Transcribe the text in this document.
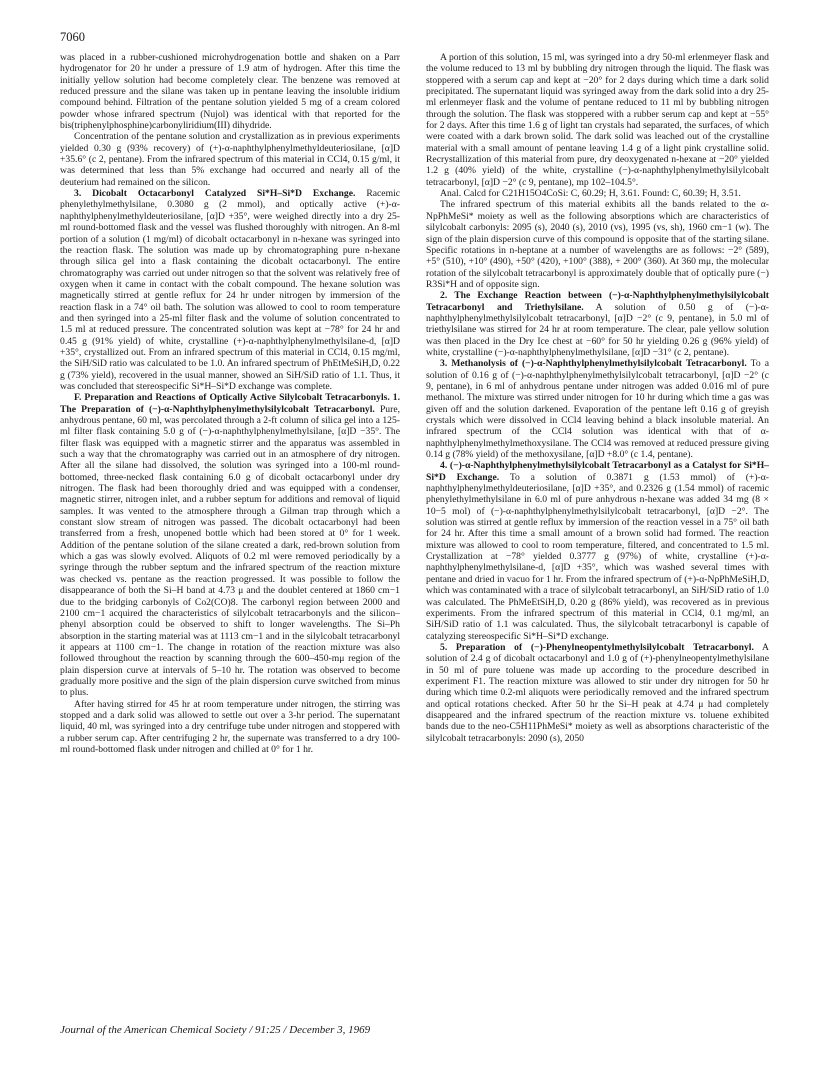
7060

was placed in a rubber-cushioned microhydrogenation bottle and shaken on a Parr hydrogenator for 20 hr under a pressure of 1.9 atm of hydrogen. After this time the initially yellow solution had become completely clear. The benzene was removed at reduced pressure and the silane was taken up in pentane leaving the insoluble iridium compound behind. Filtration of the pentane solution yielded 5 mg of a cream colored powder whose infrared spectrum (Nujol) was identical with that reported for the bis(triphenylphosphine)carbonyliridium(III) dihydride.

Concentration of the pentane solution and crystallization as in previous experiments yielded 0.30 g (93% recovery) of (+)-α-naphthylphenylmethyldeuteriosilane, [α]D +35.6° (c 2, pentane). From the infrared spectrum of this material in CCl4, 0.15 g/ml, it was determined that less than 5% exchange had occurred and nearly all of the deuterium had remained on the silicon.

3. Dicobalt Octacarbonyl Catalyzed Si*H–Si*D Exchange. Racemic phenylethylmethylsilane, 0.3080 g (2 mmol), and optically active (+)-α-naphthylphenylmethyldeuteriosilane, [α]D +35°, were weighed directly into a dry 25-ml round-bottomed flask and the vessel was flushed thoroughly with nitrogen. An 8-ml portion of a solution (1 mg/ml) of dicobalt octacarbonyl in n-hexane was syringed into the reaction flask. The solution was made up by chromatographing pure n-hexane through silica gel into a flask containing the dicobalt octacarbonyl. The entire chromatography was carried out under nitrogen so that the solvent was relatively free of oxygen when it came in contact with the cobalt compound. The hexane solution was magnetically stirred at gentle reflux for 24 hr under nitrogen by immersion of the reaction flask in a 74° oil bath. The solution was allowed to cool to room temperature and then syringed into a 25-ml filter flask and the volume of solution concentrated to 1.5 ml at reduced pressure. The concentrated solution was kept at −78° for 24 hr and 0.45 g (91% yield) of white, crystalline (+)-α-naphthylphenylmethylsilane-d, [α]D +35°, crystallized out. From an infrared spectrum of this material in CCl4, 0.15 mg/ml, the SiH/SiD ratio was calculated to be 1.0. An infrared spectrum of PhEtMeSiH,D, 0.22 g (73% yield), recovered in the usual manner, showed an SiH/SiD ratio of 1.1. Thus, it was concluded that stereospecific Si*H–Si*D exchange was complete.

F. Preparation and Reactions of Optically Active Silylcobalt Tetracarbonyls. 1. The Preparation of (−)-α-Naphthylphenylmethylsilylcobalt Tetracarbonyl. Pure, anhydrous pentane, 60 ml, was percolated through a 2-ft column of silica gel into a 125-ml filter flask containing 5.0 g of (−)-α-naphthylphenylmethylsilane, [α]D −35°. The filter flask was equipped with a magnetic stirrer and the apparatus was assembled in such a way that the chromatography was carried out in an atmosphere of dry nitrogen. After all the silane had dissolved, the solution was syringed into a 100-ml round-bottomed, three-necked flask containing 6.0 g of dicobalt octacarbonyl under dry nitrogen. The flask had been thoroughly dried and was equipped with a condenser, magnetic stirrer, nitrogen inlet, and a rubber septum for additions and removal of liquid samples. It was vented to the atmosphere through a Gilman trap through which a constant slow stream of nitrogen was passed. The dicobalt octacarbonyl had been transferred from a fresh, unopened bottle which had been stored at 0° for 1 week. Addition of the pentane solution of the silane created a dark, red-brown solution from which a gas was slowly evolved. Aliquots of 0.2 ml were removed periodically by a syringe through the rubber septum and the infrared spectrum of the reaction mixture was checked vs. pentane as the reaction progressed. It was possible to follow the disappearance of both the Si–H band at 4.73 μ and the doublet centered at 1860 cm−1 due to the bridging carbonyls of Co2(CO)8. The carbonyl region between 2000 and 2100 cm−1 acquired the characteristics of silylcobalt tetracarbonyls and the silicon–phenyl absorption could be observed to shift to longer wavelengths. The Si–Ph absorption in the starting material was at 1113 cm−1 and in the silylcobalt tetracarbonyl it appears at 1100 cm−1. The change in rotation of the reaction mixture was also followed throughout the reaction by scanning through the 600–450-mμ region of the plain dispersion curve at intervals of 5–10 hr. The rotation was observed to become gradually more positive and the sign of the plain dispersion curve switched from minus to plus.

After having stirred for 45 hr at room temperature under nitrogen, the stirring was stopped and a dark solid was allowed to settle out over a 3-hr period. The supernatant liquid, 40 ml, was syringed into a dry centrifuge tube under nitrogen and stoppered with a rubber serum cap. After centrifuging 2 hr, the supernate was transferred to a dry 100-ml round-bottomed flask under nitrogen and chilled at 0° for 1 hr.

A portion of this solution, 15 ml, was syringed into a dry 50-ml erlenmeyer flask and the volume reduced to 13 ml by bubbling dry nitrogen through the liquid. The flask was stoppered with a serum cap and kept at −20° for 2 days during which time a dark solid precipitated. The supernatant liquid was syringed away from the dark solid into a dry 25-ml erlenmeyer flask and the volume of pentane reduced to 11 ml by bubbling nitrogen through the solution. The flask was stoppered with a rubber serum cap and kept at −55° for 2 days. After this time 1.6 g of light tan crystals had separated, the surfaces, of which were coated with a dark brown solid. The dark solid was leached out of the crystalline material with a small amount of pentane leaving 1.4 g of a light pink crystalline solid. Recrystallization of this material from pure, dry deoxygenated n-hexane at −20° yielded 1.2 g (40% yield) of the white, crystalline (−)-α-naphthylphenylmethylsilylcobalt tetracarbonyl, [α]D −2° (c 9, pentane), mp 102–104.5°.

Anal. Calcd for C21H15O4CoSi: C, 60.29; H, 3.61. Found: C, 60.39; H, 3.51.

The infrared spectrum of this material exhibits all the bands related to the α-NpPhMeSi* moiety as well as the following absorptions which are characteristics of silylcobalt carbonyls: 2095 (s), 2040 (s), 2010 (vs), 1995 (vs, sh), 1960 cm−1 (w). The sign of the plain dispersion curve of this compound is opposite that of the starting silane. Specific rotations in n-heptane at a number of wavelengths are as follows: −2° (589), +5° (510), +10° (490), +50° (420), +100° (388), + 200° (360). At 360 mμ, the molecular rotation of the silylcobalt tetracarbonyl is approximately double that of optically pure (−) R3Si*H and of opposite sign.

2. The Exchange Reaction between (−)-α-Naphthylphenylmethylsilylcobalt Tetracarbonyl and Triethylsilane. A solution of 0.50 g of (−)-α-naphthylphenylmethylsilylcobalt tetracarbonyl, [α]D −2° (c 9, pentane), in 5.0 ml of triethylsilane was stirred for 24 hr at room temperature. The clear, pale yellow solution was then placed in the Dry Ice chest at −60° for 50 hr yielding 0.26 g (96% yield) of white, crystalline (−)-α-naphthylphenylmethylsilane, [α]D −31° (c 2, pentane).

3. Methanolysis of (−)-α-Naphthylphenylmethylsilylcobalt Tetracarbonyl. To a solution of 0.16 g of (−)-α-naphthylphenylmethylsilylcobalt tetracarbonyl, [α]D −2° (c 9, pentane), in 6 ml of anhydrous pentane under nitrogen was added 0.016 ml of pure methanol. The mixture was stirred under nitrogen for 10 hr during which time a gas was given off and the solution darkened. Evaporation of the pentane left 0.16 g of greyish crystals which were dissolved in CCl4 leaving behind a black insoluble material. An infrared spectrum of the CCl4 solution was identical with that of α-naphthylphenylmethylmethoxysilane. The CCl4 was removed at reduced pressure giving 0.14 g (78% yield) of the methoxysilane, [α]D +8.0° (c 1.4, pentane).

4. (−)-α-Naphthylphenylmethylsilylcobalt Tetracarbonyl as a Catalyst for Si*H–Si*D Exchange. To a solution of 0.3871 g (1.53 mmol) of (+)-α-naphthylphenylmethyldeuteriosilane, [α]D +35°, and 0.2326 g (1.54 mmol) of racemic phenylethylmethylsilane in 6.0 ml of pure anhydrous n-hexane was added 34 mg (8 × 10−5 mol) of (−)-α-naphthylphenylmethylsilylcobalt tetracarbonyl, [α]D −2°. The solution was stirred at gentle reflux by immersion of the reaction vessel in a 75° oil bath for 24 hr. After this time a small amount of a brown solid had formed. The reaction mixture was allowed to cool to room temperature, filtered, and concentrated to 1.5 ml. Crystallization at −78° yielded 0.3777 g (97%) of white, crystalline (+)-α-naphthylphenylmethylsilane-d, [α]D +35°, which was washed several times with pentane and dried in vacuo for 1 hr. From the infrared spectrum of (+)-α-NpPhMeSiH,D, which was contaminated with a trace of silylcobalt tetracarbonyl, an SiH/SiD ratio of 1.0 was calculated. The PhMeEtSiH,D, 0.20 g (86% yield), was recovered as in previous experiments. From the infrared spectrum of this material in CCl4, 0.1 mg/ml, an SiH/SiD ratio of 1.1 was calculated. Thus, the silylcobalt tetracarbonyl is capable of catalyzing stereospecific Si*H–Si*D exchange.

5. Preparation of (−)-Phenylneopentylmethylsilylcobalt Tetracarbonyl. A solution of 2.4 g of dicobalt octacarbonyl and 1.0 g of (+)-phenylneopentylmethylsilane in 50 ml of pure toluene was made up according to the procedure described in experiment F1. The reaction mixture was allowed to stir under dry nitrogen for 50 hr during which time 0.2-ml aliquots were periodically removed and the infrared spectrum and optical rotations checked. After 50 hr the Si–H peak at 4.74 μ had completely disappeared and the infrared spectrum of the reaction mixture vs. toluene exhibited bands due to the neo-C5H11PhMeSi* moiety as well as absorptions characteristic of the silylcobalt tetracarbonyls: 2090 (s), 2050

Journal of the American Chemical Society / 91:25 / December 3, 1969
